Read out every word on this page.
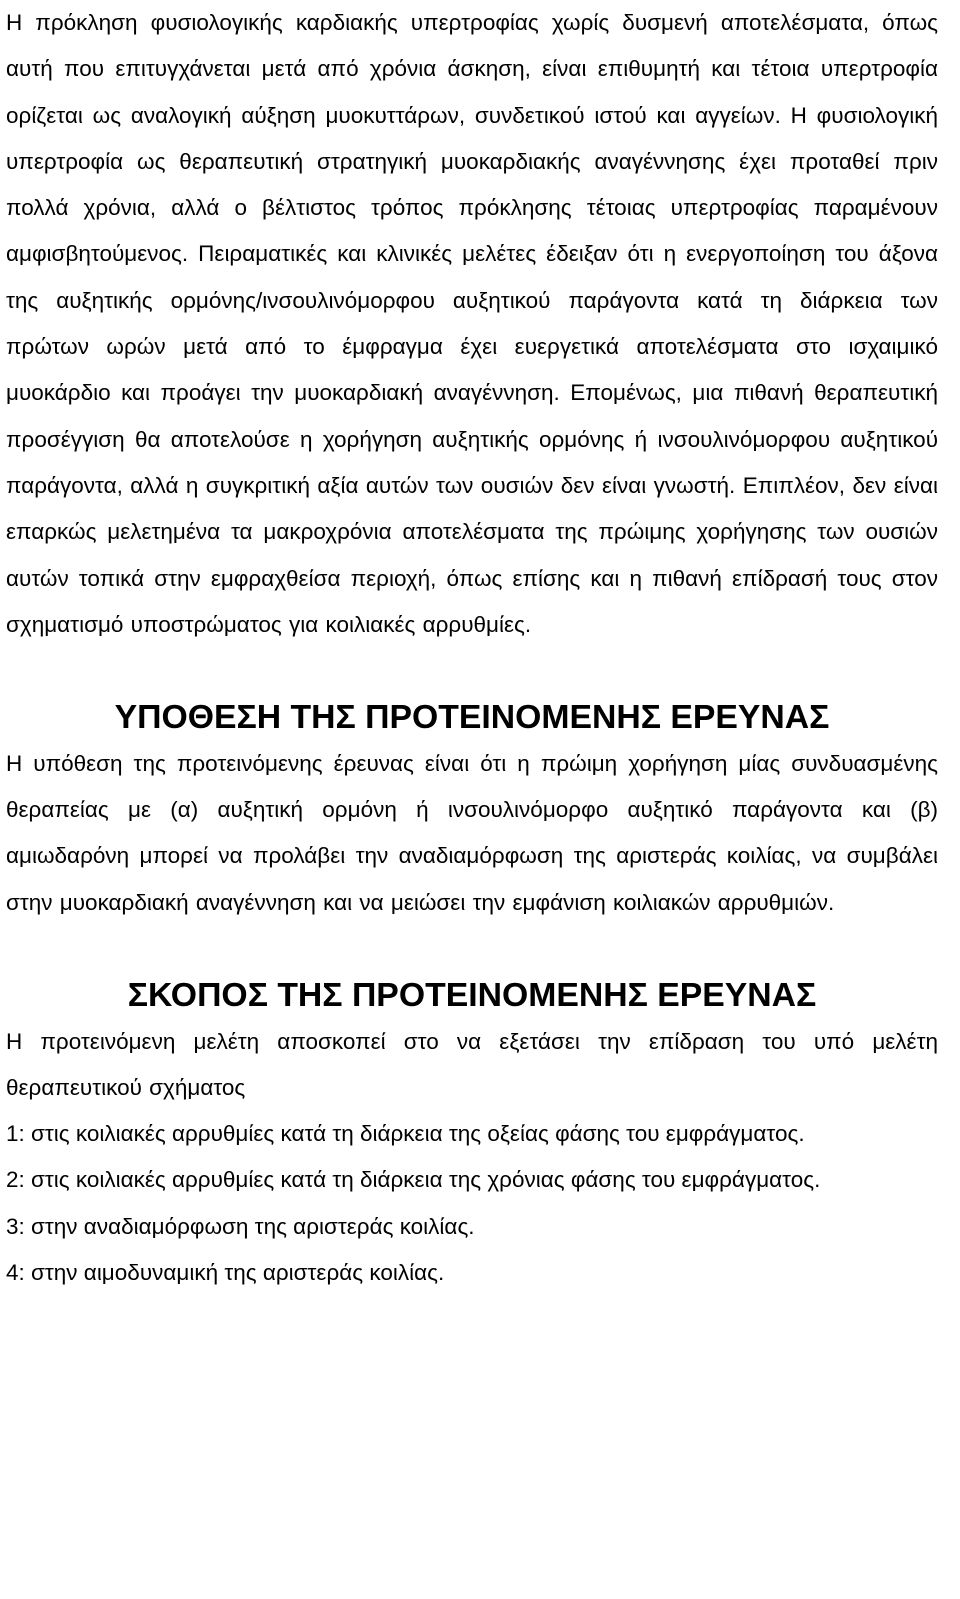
Η πρόκληση φυσιολογικής καρδιακής υπερτροφίας χωρίς δυσμενή αποτελέσματα, όπως αυτή που επιτυγχάνεται μετά από χρόνια άσκηση, είναι επιθυμητή και τέτοια υπερτροφία ορίζεται ως αναλογική αύξηση μυοκυττάρων, συνδετικού ιστού και αγγείων. Η φυσιολογική υπερτροφία ως θεραπευτική στρατηγική μυοκαρδιακής αναγέννησης έχει προταθεί πριν πολλά χρόνια, αλλά ο βέλτιστος τρόπος πρόκλησης τέτοιας υπερτροφίας παραμένουν αμφισβητούμενος. Πειραματικές και κλινικές μελέτες έδειξαν ότι η ενεργοποίηση του άξονα της αυξητικής ορμόνης/ινσουλινόμορφου αυξητικού παράγοντα κατά τη διάρκεια των πρώτων ωρών μετά από το έμφραγμα έχει ευεργετικά αποτελέσματα στο ισχαιμικό μυοκάρδιο και προάγει την μυοκαρδιακή αναγέννηση. Επομένως, μια πιθανή θεραπευτική προσέγγιση θα αποτελούσε η χορήγηση αυξητικής ορμόνης ή ινσουλινόμορφου αυξητικού παράγοντα, αλλά η συγκριτική αξία αυτών των ουσιών δεν είναι γνωστή. Επιπλέον, δεν είναι επαρκώς μελετημένα τα μακροχρόνια αποτελέσματα της πρώιμης χορήγησης των ουσιών αυτών τοπικά στην εμφραχθείσα περιοχή, όπως επίσης και η πιθανή επίδρασή τους στον σχηματισμό υποστρώματος για κοιλιακές αρρυθμίες.

ΥΠΟΘΕΣΗ ΤΗΣ ΠΡΟΤΕΙΝΟΜΕΝΗΣ ΕΡΕΥΝΑΣ

Η υπόθεση της προτεινόμενης έρευνας είναι ότι η πρώιμη χορήγηση μίας συνδυασμένης θεραπείας με (α) αυξητική ορμόνη ή ινσουλινόμορφο αυξητικό παράγοντα και (β) αμιωδαρόνη μπορεί να προλάβει την αναδιαμόρφωση της αριστεράς κοιλίας, να συμβάλει στην μυοκαρδιακή αναγέννηση και να μειώσει την εμφάνιση κοιλιακών αρρυθμιών.

ΣΚΟΠΟΣ ΤΗΣ ΠΡΟΤΕΙΝΟΜΕΝΗΣ ΕΡΕΥΝΑΣ

Η προτεινόμενη μελέτη αποσκοπεί στο να εξετάσει την επίδραση του υπό μελέτη θεραπευτικού σχήματος

1: στις κοιλιακές αρρυθμίες κατά τη διάρκεια της οξείας φάσης του εμφράγματος.

2: στις κοιλιακές αρρυθμίες κατά τη διάρκεια της χρόνιας φάσης του εμφράγματος.

3: στην αναδιαμόρφωση της αριστεράς κοιλίας.

4: στην αιμοδυναμική της αριστεράς κοιλίας.
